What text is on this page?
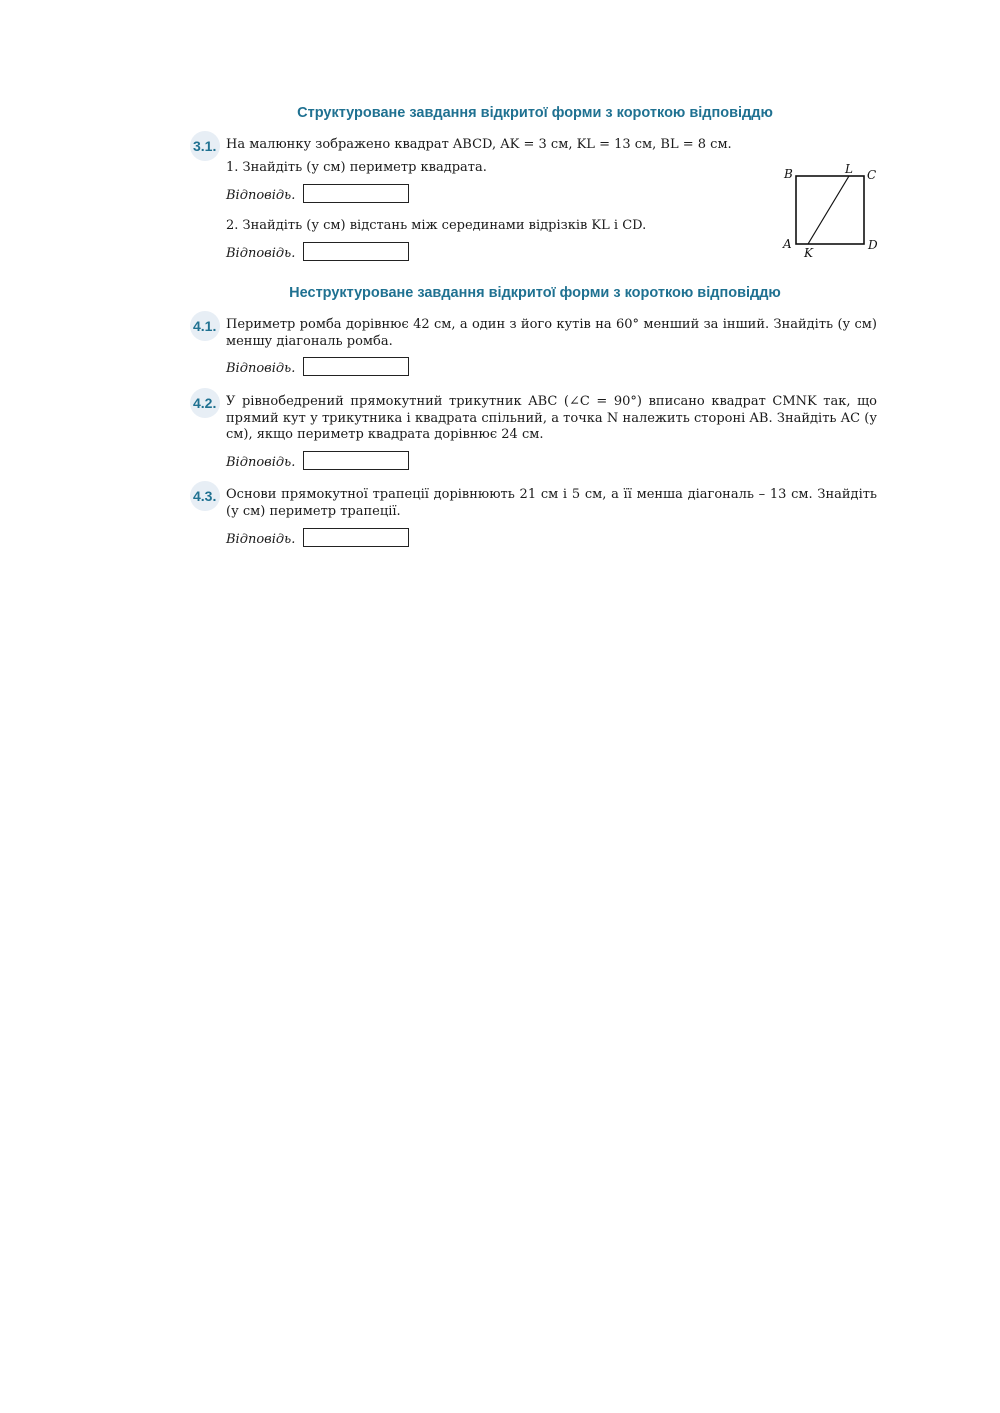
Структуроване завдання відкритої форми з короткою відповіддю
3.1. На малюнку зображено квадрат ABCD, AK = 3 см, KL = 13 см, BL = 8 см.
1. Знайдіть (у см) периметр квадрата.
Відповідь.
2. Знайдіть (у см) відстань між серединами відрізків KL і CD.
Відповідь.
B	L C
A
K
D
Неструктуроване завдання відкритої форми з короткою відповіддю
4.1. Периметр ромба дорівнює 42 см, а один з його кутів на 60° менший за інший. Знайдіть (у см) меншу діагональ ромба.
Відповідь.
4.2. У рівнобедрений прямокутний трикутник ABC (∠C = 90°) вписано квадрат CMNK так, що прямий кут у трикутника і квадрата спільний, а точка N належить стороні AB. Знайдіть AC (у см), якщо периметр квадрата дорівнює 24 см.
Відповідь.
4.3. Основи прямокутної трапеції дорівнюють 21 см і 5 см, а її менша діагональ – 13 см. Знайдіть (у см) периметр трапеції.
Відповідь.
